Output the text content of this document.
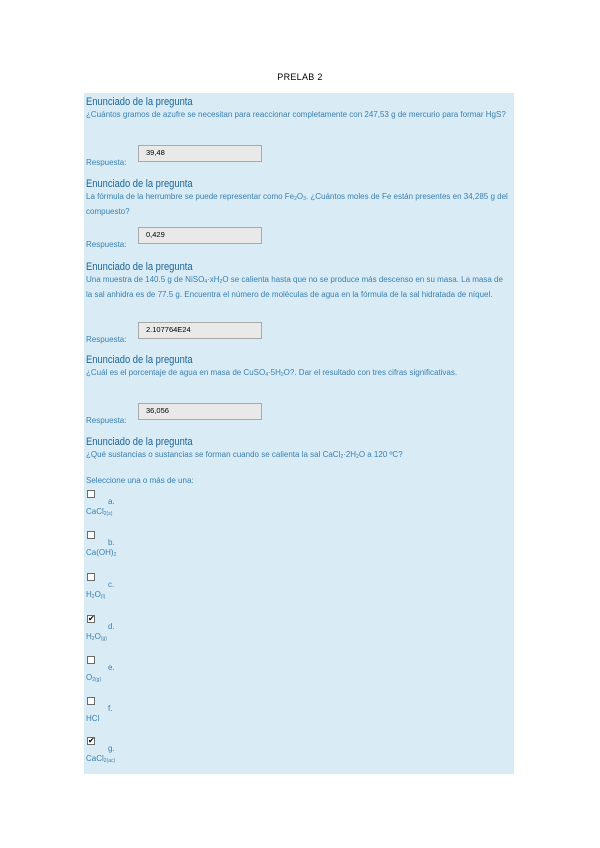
PRELAB 2
Enunciado de la pregunta
¿Cuántos gramos de azufre se necesitan para reaccionar completamente con 247,53 g de mercurio para formar HgS?
Respuesta:
39,48
Enunciado de la pregunta
La fórmula de la herrumbre se puede representar como $Fe_2O_3$. ¿Cuántos moles de Fe están presentes en 34,285 g del compuesto?
Respuesta:
0,429
Enunciado de la pregunta
Una muestra de 140.5 g de $NiSO_4\cdot xH_2O$ se calienta hasta que no se produce más descenso en su masa. La masa de la sal anhidra es de 77.5 g. Encuentra el número de moléculas de agua en la fórmula de la sal hidratada de níquel.
Respuesta:
2.107764E24
Enunciado de la pregunta
¿Cuál es el porcentaje de agua en masa de $CuSO_4\cdot 5H_2O$?. Dar el resultado con tres cifras significativas.
Respuesta:
36,056
Enunciado de la pregunta
¿Qué sustancias o sustancias se forman cuando se calienta la sal $CaCl_2\cdot 2H_2O$ a 120 ºC?
Seleccione una o más de una:
a.
CaCl$_{2(s)}$
b.
$Ca(OH)_2$
c.
$H_2O_{(l)}$
✔
d.
$H_2O_{(g)}$
e.
$O_{2(g)}$
f.
HCl
✔
g.
CaCl$_{2(ac)}$
